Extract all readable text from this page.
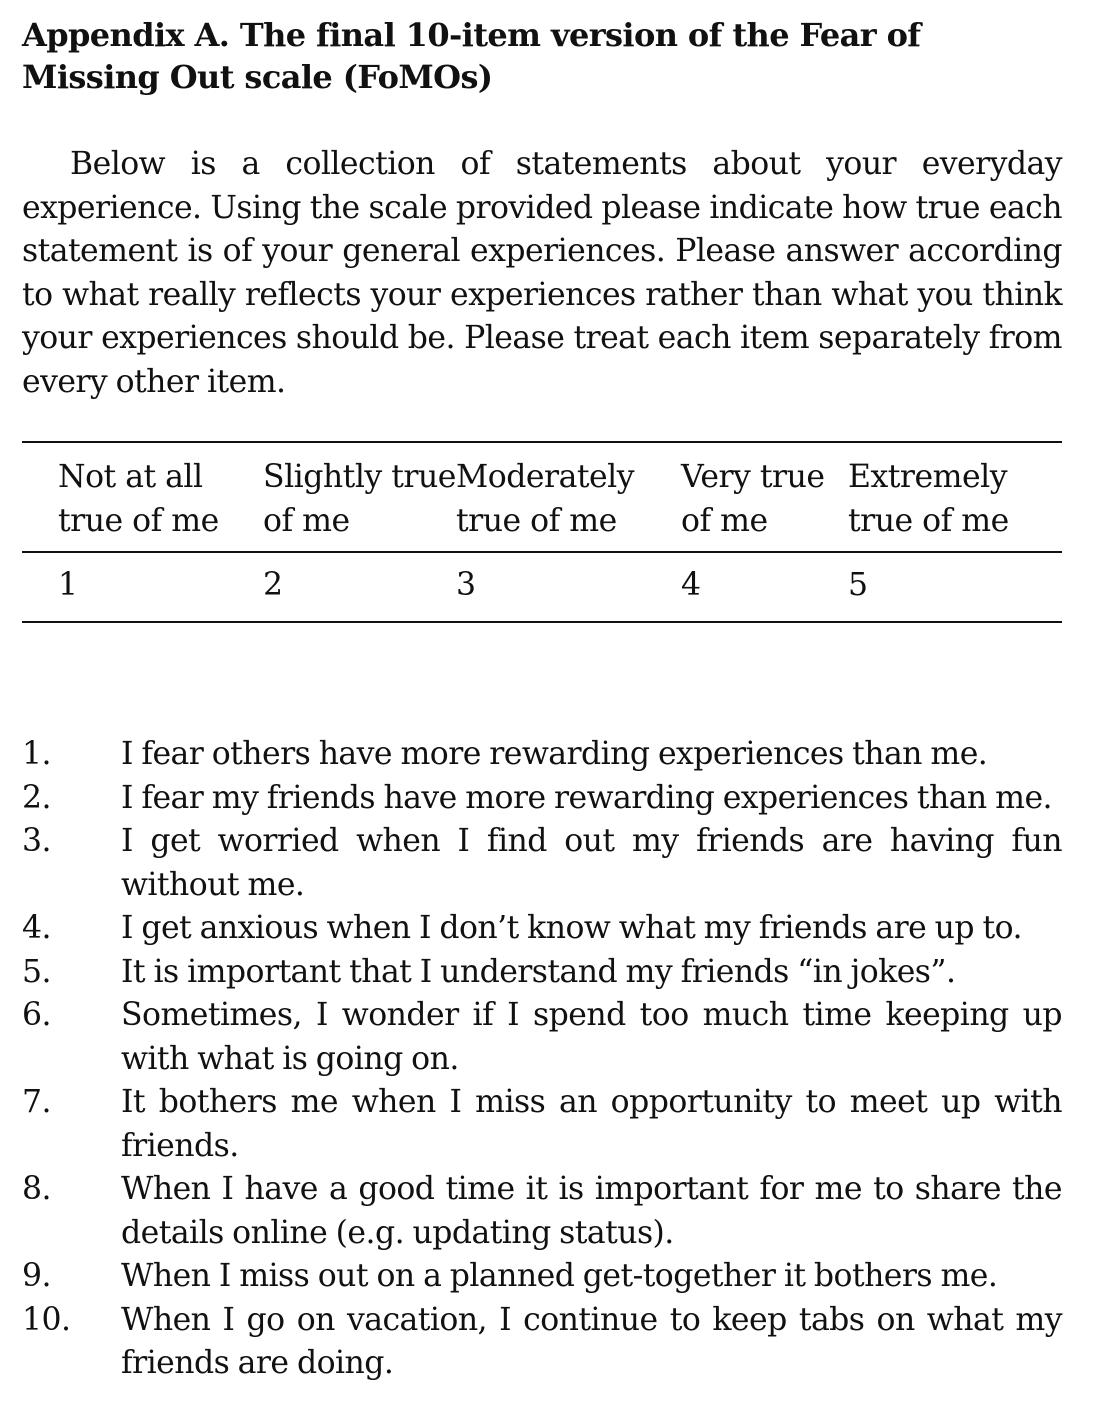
Appendix A. The final 10-item version of the Fear of Missing Out scale (FoMOs)

Below is a collection of statements about your everyday experience. Using the scale provided please indicate how true each statement is of your general experiences. Please answer according to what really reflects your experiences rather than what you think your experiences should be. Please treat each item separately from every other item.

Not at all true of me	Slightly true of me	Moderately true of me	Very true of me	Extremely true of me
1	2	3	4	5
1.	I fear others have more rewarding experiences than me.
2.	I fear my friends have more rewarding experiences than me.
3.	I get worried when I find out my friends are having fun without me.
4.	I get anxious when I don’t know what my friends are up to.
5.	It is important that I understand my friends “in jokes”.
6.	Sometimes, I wonder if I spend too much time keeping up with what is going on.
7.	It bothers me when I miss an opportunity to meet up with friends.
8.	When I have a good time it is important for me to share the details online (e.g. updating status).
9.	When I miss out on a planned get-together it bothers me.
10.	When I go on vacation, I continue to keep tabs on what my friends are doing.
